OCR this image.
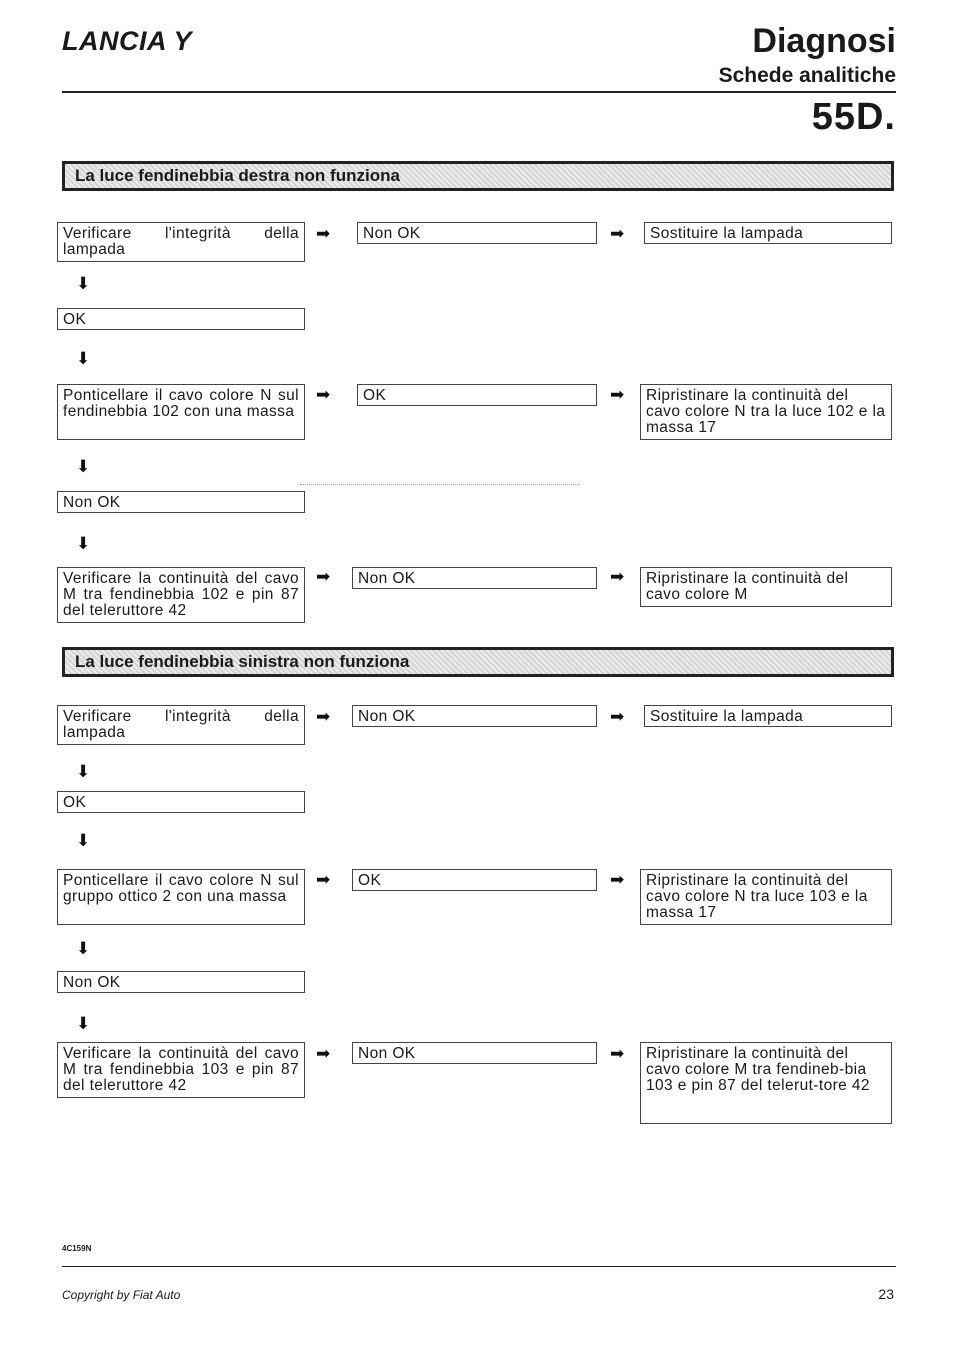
LANCIA Y	Diagnosi
Schede analitiche
55D.
La luce fendinebbia destra non funziona
Verificare l'integrità della lampada
➡	Non OK	➡	Sostituire la lampada
⬇
OK
⬇
Ponticellare il cavo colore N sul fendinebbia 102 con una massa
➡	OK	➡	Ripristinare la continuità del cavo colore N tra la luce 102 e la massa 17
⬇
Non OK
⬇
Verificare la continuità del cavo M tra fendinebbia 102 e pin 87 del teleruttore 42
➡	Non OK	➡	Ripristinare la continuità del cavo colore M
La luce fendinebbia sinistra non funziona
Verificare l'integrità della lampada
➡	Non OK	➡	Sostituire la lampada
⬇
OK
⬇
Ponticellare il cavo colore N sul gruppo ottico 2 con una massa
➡	OK	➡	Ripristinare la continuità del cavo colore N tra luce 103 e la massa 17
⬇
Non OK
⬇
Verificare la continuità del cavo M tra fendinebbia 103 e pin 87 del teleruttore 42
➡	Non OK	➡	Ripristinare la continuità del cavo colore M tra fendineb-bia 103 e pin 87 del telerut-tore 42
4C159N
Copyright by Fiat Auto	23
